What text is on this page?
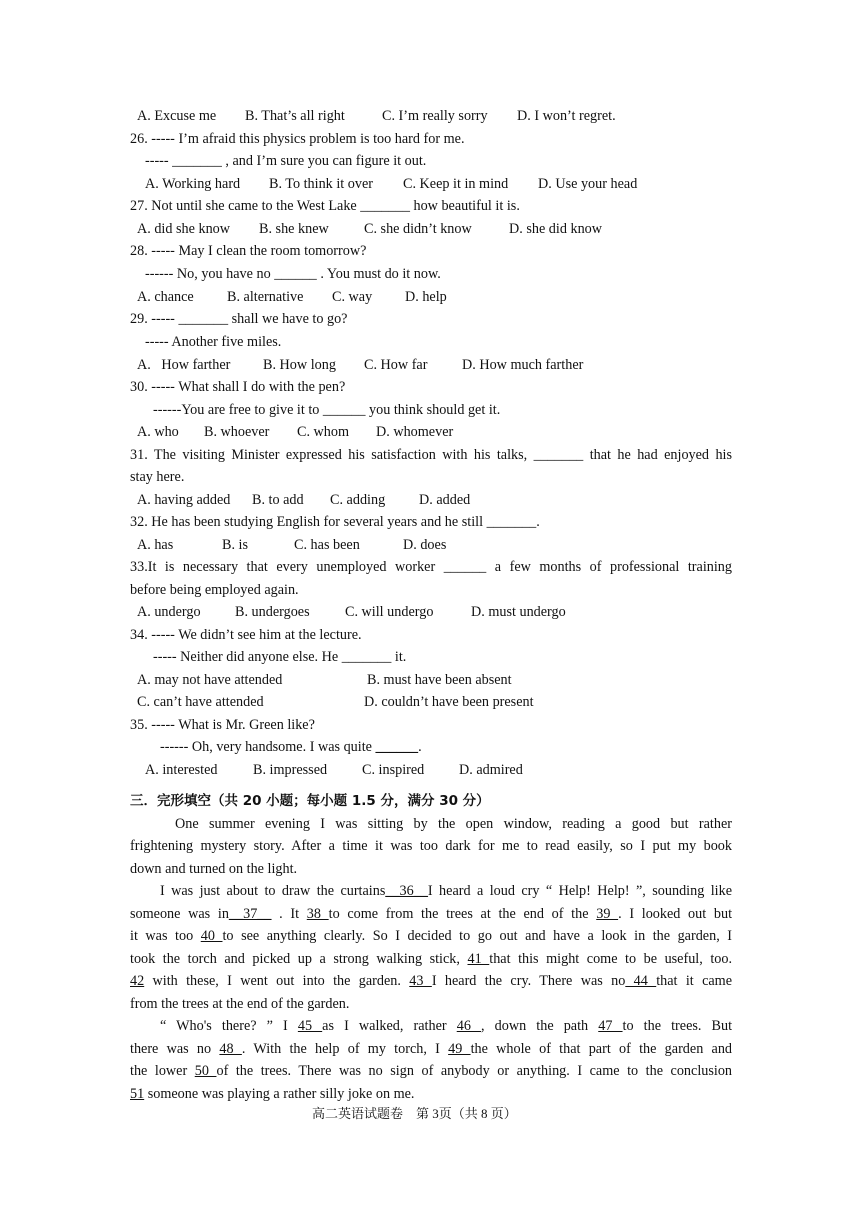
A. Excuse me B. That’s all right	C. I’m really sorry D. I won’t regret.
26. ----- I’m afraid this physics problem is too hard for me.
----- _______ , and I’m sure you can figure it out.
A. Working hard B. To think it over C. Keep it in mind D. Use your head
27. Not until she came to the West Lake _______ how beautiful it is.
A. did she know B. she knew C. she didn’t know	D. she did know
28. ----- May I clean the room tomorrow?
------ No, you have no ______ . You must do it now.
A. chance B. alternative C. way D. help
29. ----- _______ shall we have to go?
----- Another five miles.
A.   How farther B. How long C. How far D. How much farther
30. ----- What shall I do with the pen?
------You are free to give it to ______ you think should get it.
A. who B. whoever C. whom D. whomever
31. The visiting Minister expressed his satisfaction with his talks, _______ that he had enjoyed his
stay here.
A. having added B. to add C. adding D. added
32. He has been studying English for several years and he still _______.
A. has	B. is	C. has been	D. does
33.It is necessary that every unemployed worker ______ a few months of professional training
before being employed again.
A. undergo B. undergoes C. will undergo	D. must undergo
34. ----- We didn’t see him at the lecture.
----- Neither did anyone else. He _______ it.
A. may not have attended	B. must have been absent
C. can’t have attended	D. couldn’t have been present
35. ----- What is Mr. Green like?
------ Oh, very handsome. I was quite ______.
A. interested	B. impressed C. inspired D. admired
三．完形填空（共 20 小题；每小题 1.5 分，满分 30 分）
One summer evening I was sitting by the open window, reading a good but rather
frightening mystery story. After a time it was too dark for me to read easily, so I put my book
down and turned on the light.
I was just about to draw the curtains__36__I heard a loud cry “ Help! Help! ”, sounding like
someone was in__37__ . It 38 to come from the trees at the end of the 39 . I looked out but
it was too 40 to see anything clearly. So I decided to go out and have a look in the garden, I
took the torch and picked up a strong walking stick, 41 that this might come to be useful, too.
42 with these, I went out into the garden. 43 I heard the cry. There was no 44 that it came
from the trees at the end of the garden.
“ Who's there? ” I 45 as I walked, rather 46 , down the path 47 to the trees. But
there was no 48 . With the help of my torch, I 49 the whole of that part of the garden and
the lower 50 of the trees. There was no sign of anybody or anything. I came to the conclusion
51 someone was playing a rather silly joke on me.
高二英语试题卷    第 3页（共 8 页）
